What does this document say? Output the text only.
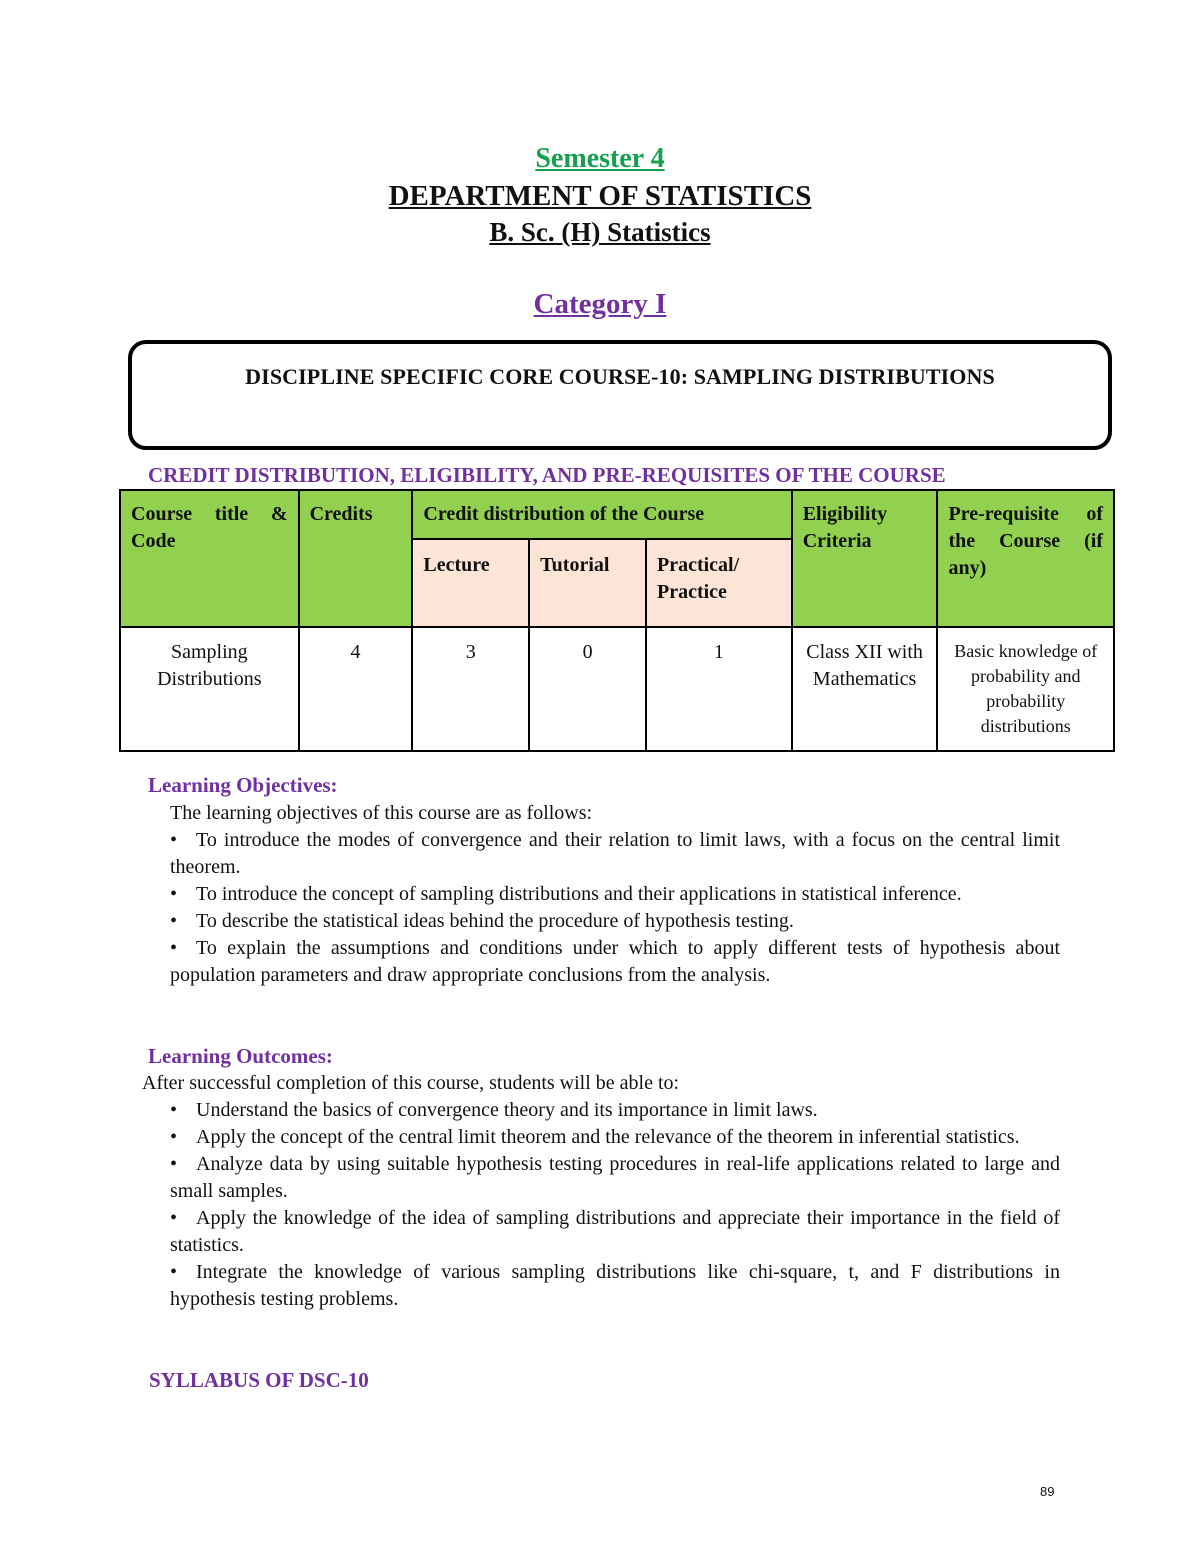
Semester 4
DEPARTMENT OF STATISTICS
B. Sc. (H) Statistics
Category I
DISCIPLINE SPECIFIC CORE COURSE-10: SAMPLING DISTRIBUTIONS
CREDIT DISTRIBUTION, ELIGIBILITY, AND PRE-REQUISITES OF THE COURSE
Course title & Code	Credits	Credit distribution of the Course			Eligibility Criteria	Pre-requisite of the Course (if any)
		Lecture	Tutorial	Practical/ Practice		
Sampling Distributions	4	3	0	1	Class XII with Mathematics	Basic knowledge of probability and probability distributions
Learning Objectives:
The learning objectives of this course are as follows:
• To introduce the modes of convergence and their relation to limit laws, with a focus on the central limit theorem.
• To introduce the concept of sampling distributions and their applications in statistical inference.
• To describe the statistical ideas behind the procedure of hypothesis testing.
• To explain the assumptions and conditions under which to apply different tests of hypothesis about population parameters and draw appropriate conclusions from the analysis.
Learning Outcomes:
After successful completion of this course, students will be able to:
• Understand the basics of convergence theory and its importance in limit laws.
• Apply the concept of the central limit theorem and the relevance of the theorem in inferential statistics.
• Analyze data by using suitable hypothesis testing procedures in real-life applications related to large and small samples.
• Apply the knowledge of the idea of sampling distributions and appreciate their importance in the field of statistics.
• Integrate the knowledge of various sampling distributions like chi-square, t, and F distributions in hypothesis testing problems.
SYLLABUS OF DSC-10
89
